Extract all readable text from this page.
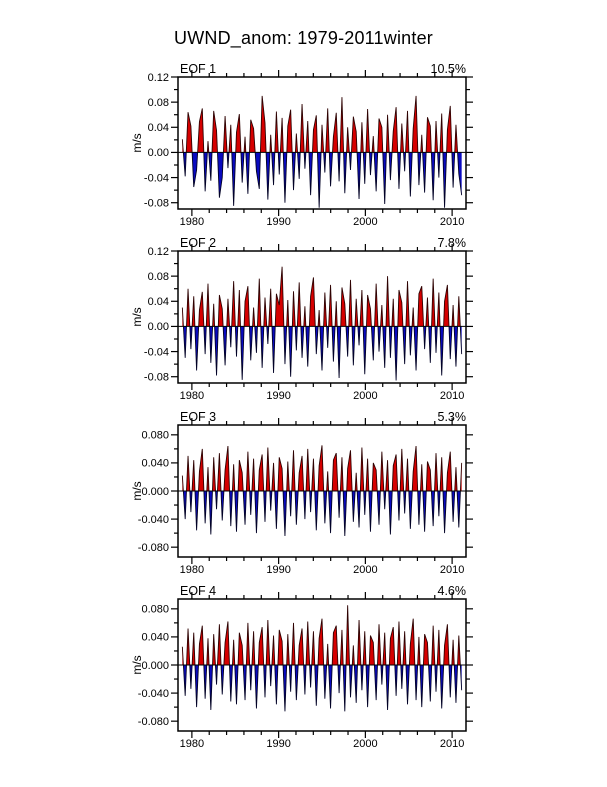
UWND_anom: 1979-2011winter
1980	1990	2000	2010
0.12
0.08
0.04
0.00
-0.04
-0.08
EOF 1	10.5%
m/s
1980	1990	2000	2010
0.12
0.08
0.04
0.00
-0.04
-0.08
EOF 2	7.8%
m/s
1980	1990	2000	2010
0.080
0.040
0.000
-0.040
-0.080
EOF 3	5.3%
m/s
1980	1990	2000	2010
0.080
0.040
0.000
-0.040
-0.080
EOF 4	4.6%
m/s
